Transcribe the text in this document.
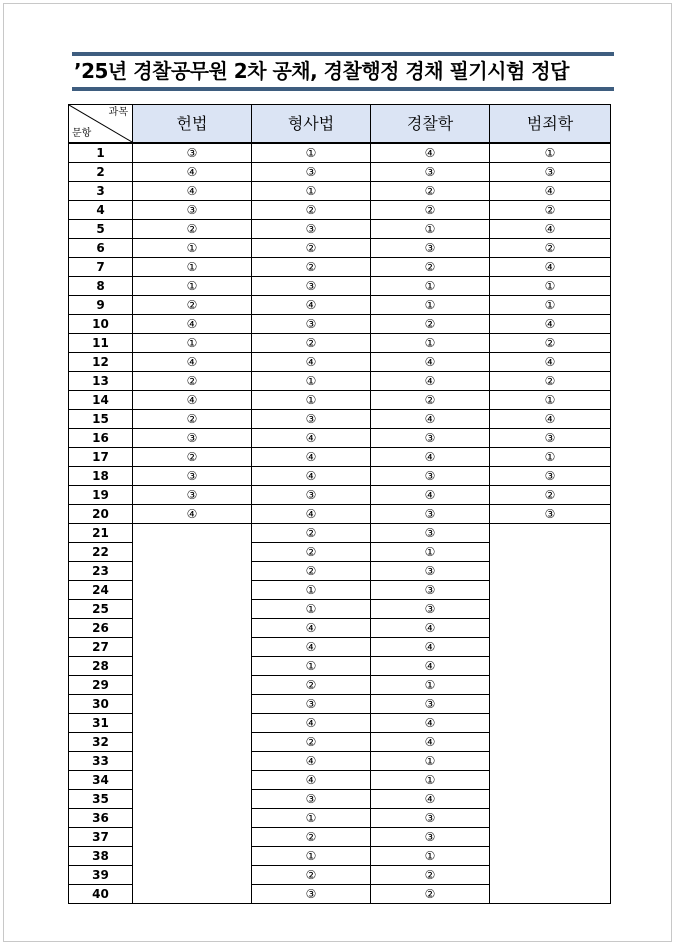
’25년 경찰공무원 2차 공채, 경찰행정 경채 필기시험 정답
과목
문항	헌법	형사법	경찰학	범죄학
1	③	①	④	①
2	④	③	③	③
3	④	①	②	④
4	③	②	②	②
5	②	③	①	④
6	①	②	③	②
7	①	②	②	④
8	①	③	①	①
9	②	④	①	①
10	④	③	②	④
11	①	②	①	②
12	④	④	④	④
13	②	①	④	②
14	④	①	②	①
15	②	③	④	④
16	③	④	③	③
17	②	④	④	①
18	③	④	③	③
19	③	③	④	②
20	④	④	③	③
21		②	③	
22		②	①	
23		②	③	
24		①	③	
25		①	③	
26		④	④	
27		④	④	
28		①	④	
29		②	①	
30		③	③	
31		④	④	
32		②	④	
33		④	①	
34		④	①	
35		③	④	
36		①	③	
37		②	③	
38		①	①	
39		②	②	
40		③	②	
